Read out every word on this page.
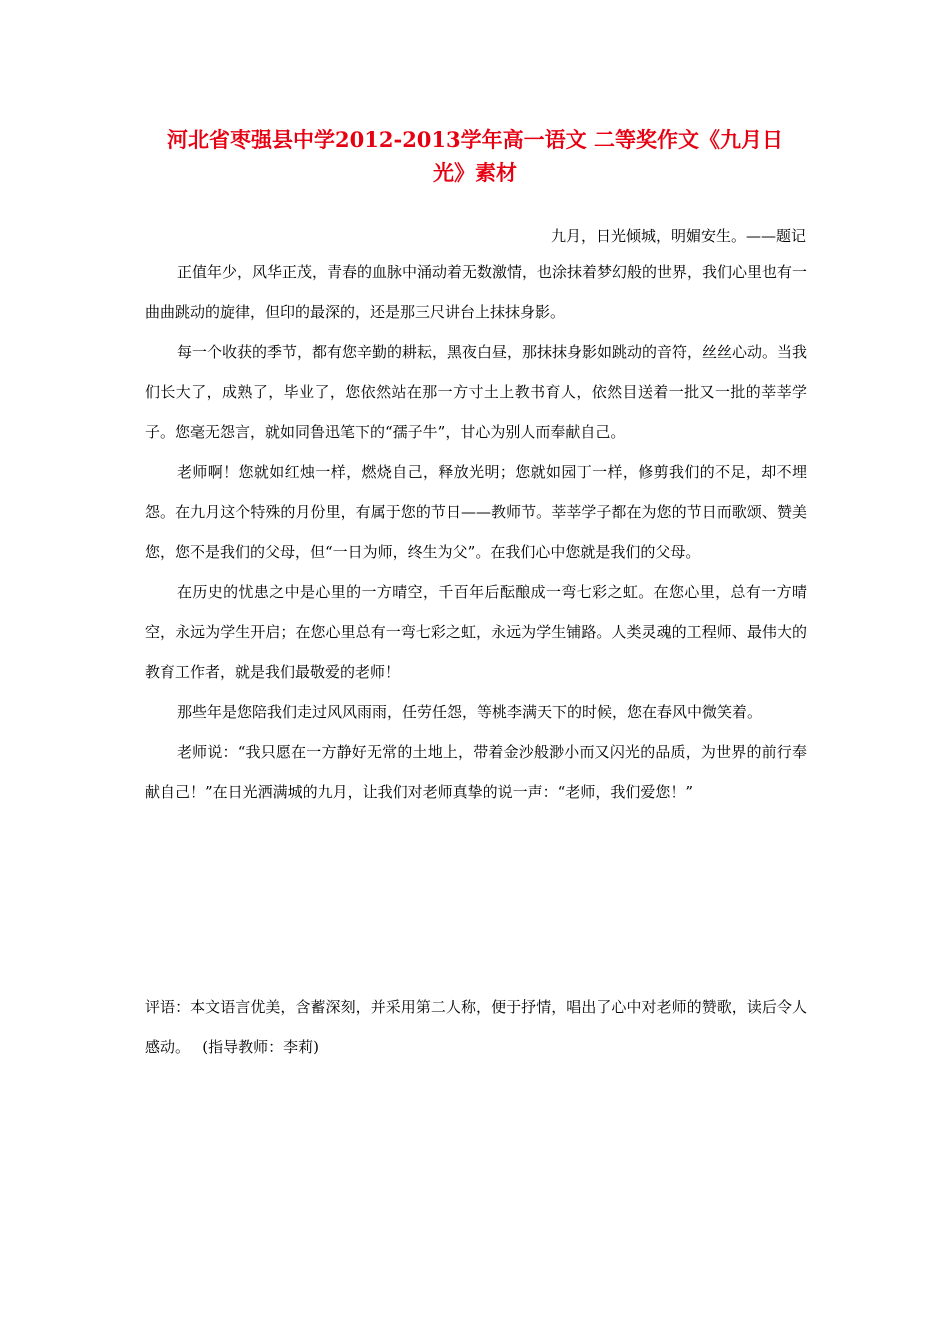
河北省枣强县中学2012-2013学年高一语文 二等奖作文《九月日
光》素材
九月，日光倾城，明媚安生。——题记

正值年少，风华正茂，青春的血脉中涌动着无数激情，也涂抹着梦幻般的世界，我们心里也有一曲曲跳动的旋律，但印的最深的，还是那三尺讲台上抹抹身影。

每一个收获的季节，都有您辛勤的耕耘，黑夜白昼，那抹抹身影如跳动的音符，丝丝心动。当我们长大了，成熟了，毕业了，您依然站在那一方寸土上教书育人，依然目送着一批又一批的莘莘学子。您毫无怨言，就如同鲁迅笔下的“孺子牛”，甘心为别人而奉献自己。

老师啊！您就如红烛一样，燃烧自己，释放光明；您就如园丁一样，修剪我们的不足，却不埋怨。在九月这个特殊的月份里，有属于您的节日——教师节。莘莘学子都在为您的节日而歌颂、赞美您，您不是我们的父母，但“一日为师，终生为父”。在我们心中您就是我们的父母。

在历史的忧患之中是心里的一方晴空，千百年后酝酿成一弯七彩之虹。在您心里，总有一方晴空，永远为学生开启；在您心里总有一弯七彩之虹，永远为学生铺路。人类灵魂的工程师、最伟大的教育工作者，就是我们最敬爱的老师！

那些年是您陪我们走过风风雨雨，任劳任怨，等桃李满天下的时候，您在春风中微笑着。

老师说：“我只愿在一方静好无常的土地上，带着金沙般渺小而又闪光的品质，为世界的前行奉献自己！”在日光洒满城的九月，让我们对老师真挚的说一声：“老师，我们爱您！”

评语：本文语言优美，含蓄深刻，并采用第二人称，便于抒情，唱出了心中对老师的赞歌，读后令人感动。　 (指导教师：李莉)
